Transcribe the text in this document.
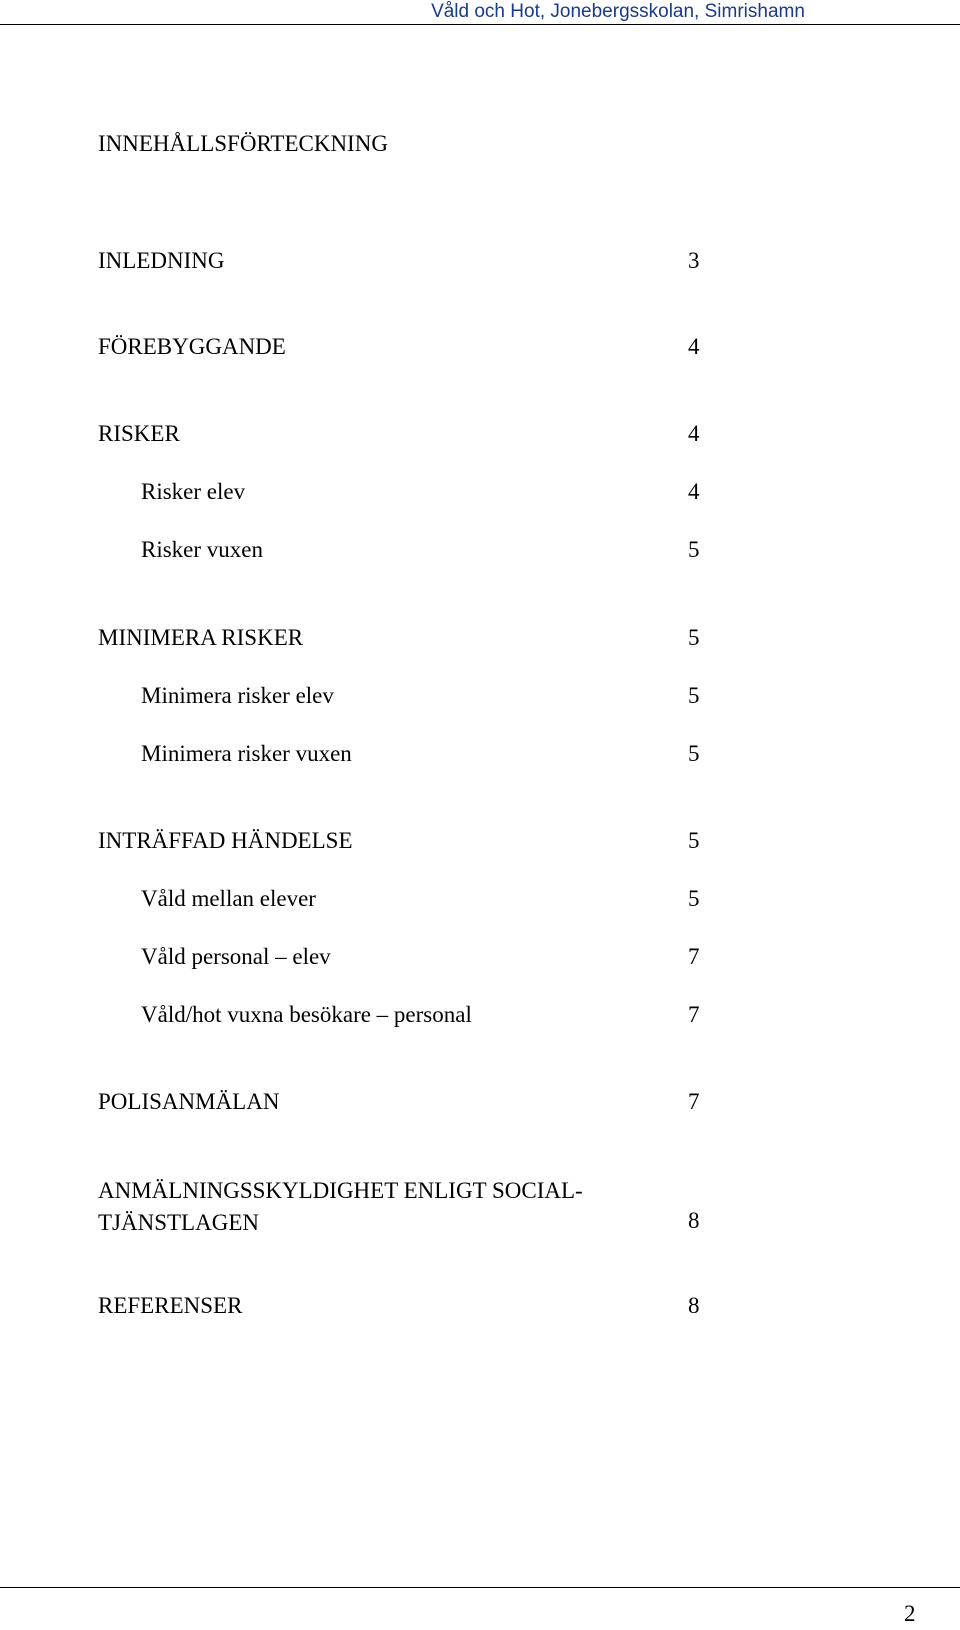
Våld och Hot, Jonebergsskolan, Simrishamn
INNEHÅLLSFÖRTECKNING
INLEDNING	3
FÖREBYGGANDE	4
RISKER	4
Risker elev	4
Risker vuxen	5
MINIMERA RISKER	5
Minimera risker elev	5
Minimera risker vuxen	5
INTRÄFFAD HÄNDELSE	5
Våld mellan elever	5
Våld personal – elev	7
Våld/hot vuxna besökare – personal	7
POLISANMÄLAN	7
ANMÄLNINGSSKYLDIGHET ENLIGT SOCIAL-
TJÄNSTLAGEN	8
REFERENSER	8
2
